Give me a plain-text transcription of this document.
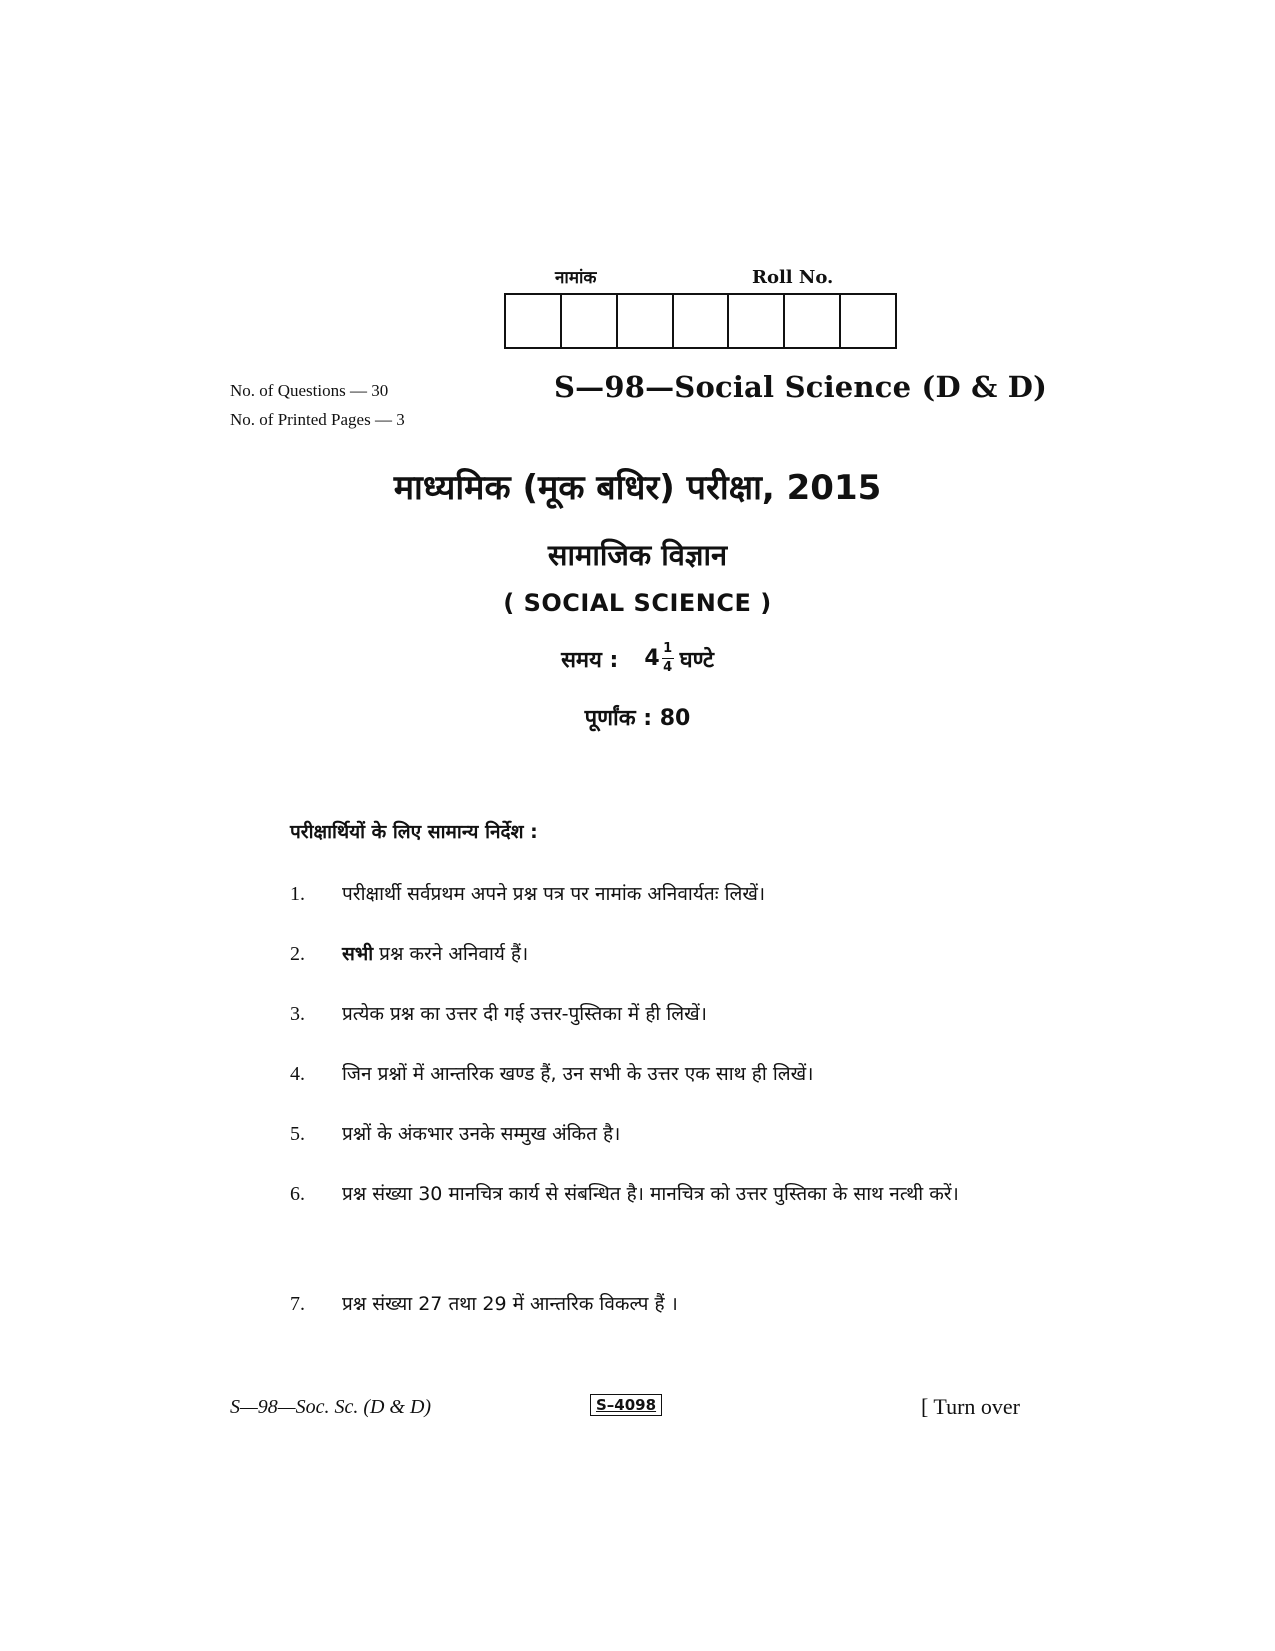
नामांक	Roll No.
No. of Questions — 30
No. of Printed Pages — 3
S—98—Social Science (D & D)
माध्यमिक (मूक बधिर) परीक्षा, 2015
सामाजिक विज्ञान
( SOCIAL SCIENCE )
समय : $4 \frac{1}{4}$ घण्टे
पूर्णांक : 80
परीक्षार्थियों के लिए सामान्य निर्देश :
1.	परीक्षार्थी सर्वप्रथम अपने प्रश्न पत्र पर नामांक अनिवार्यतः लिखें।
2.	सभी प्रश्न करने अनिवार्य हैं।
3.	प्रत्येक प्रश्न का उत्तर दी गई उत्तर-पुस्तिका में ही लिखें।
4.	जिन प्रश्नों में आन्तरिक खण्ड हैं, उन सभी के उत्तर एक साथ ही लिखें।
5.	प्रश्नों के अंकभार उनके सम्मुख अंकित है।
6.	प्रश्न संख्या 30 मानचित्र कार्य से संबन्धित है। मानचित्र को उत्तर पुस्तिका के साथ नत्थी करें।
7.	प्रश्न संख्या 27 तथा 29 में आन्तरिक विकल्प हैं ।
S—98—Soc. Sc. (D & D)	S–4098	[ Turn over
